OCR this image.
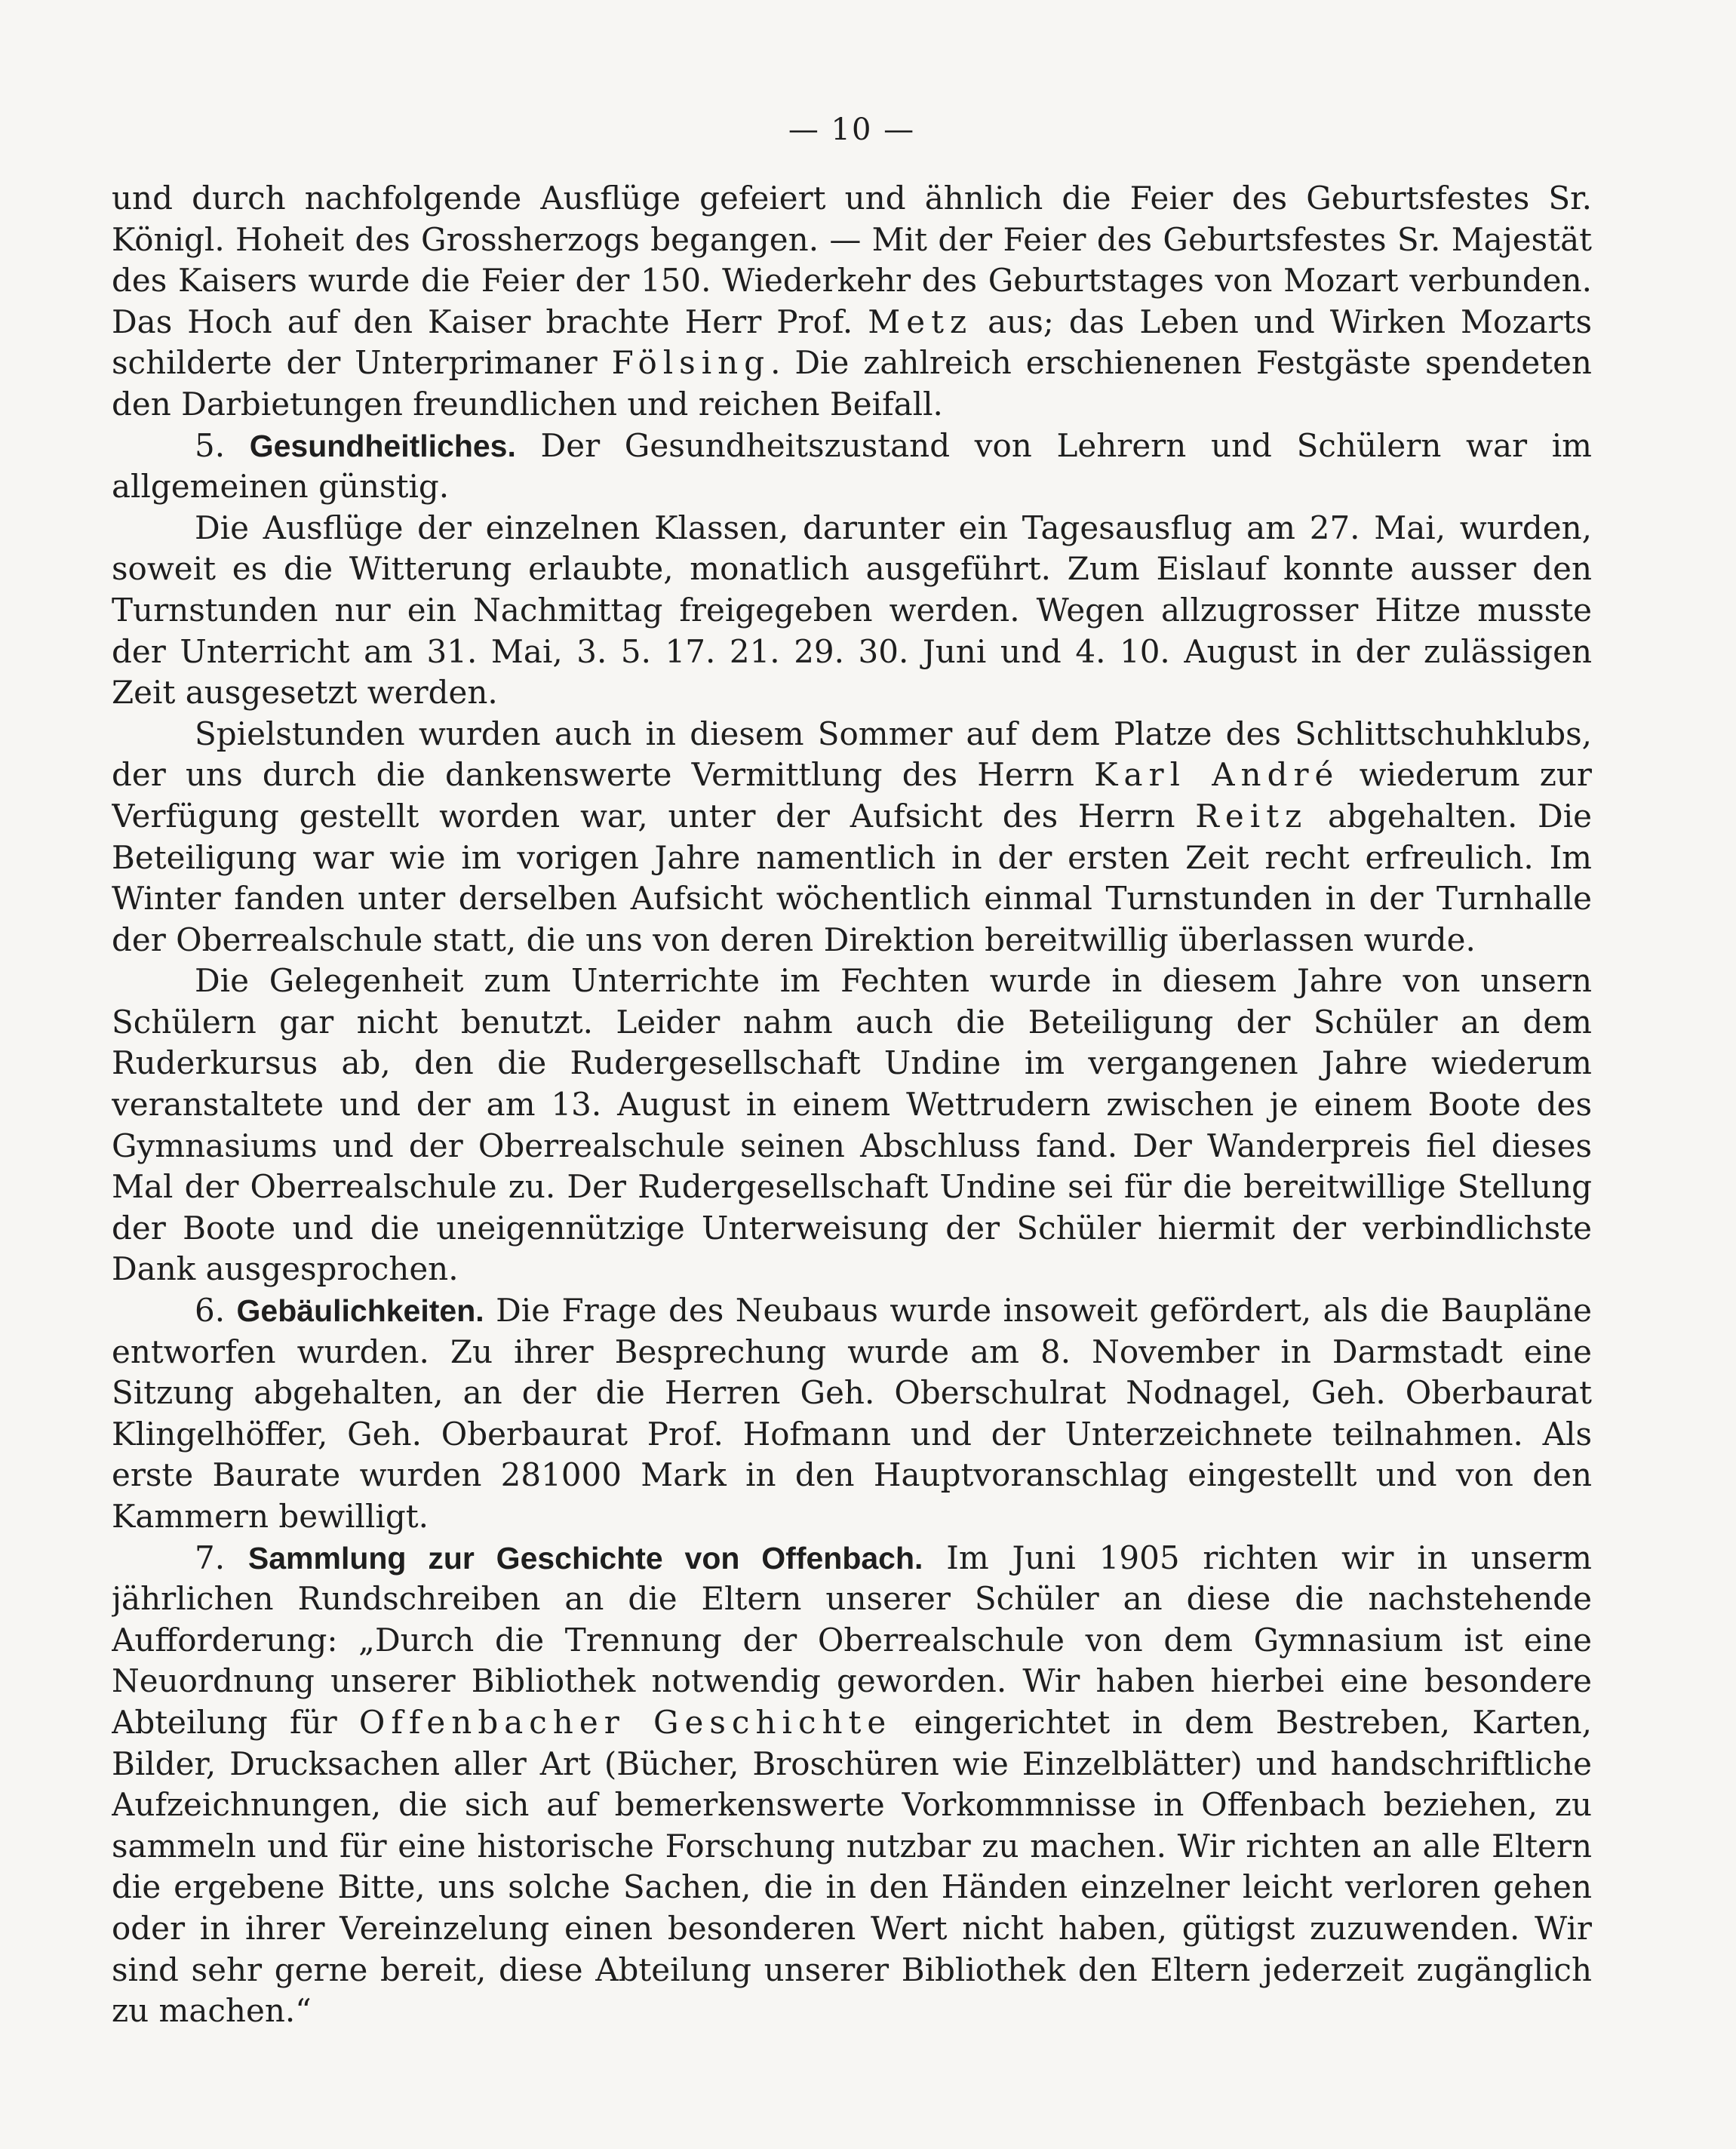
— 10 —

und durch nachfolgende Ausflüge gefeiert und ähnlich die Feier des Geburtsfestes Sr. Königl. Hoheit des Grossherzogs begangen. — Mit der Feier des Geburtsfestes Sr. Majestät des Kaisers wurde die Feier der 150. Wiederkehr des Geburtstages von Mozart verbunden. Das Hoch auf den Kaiser brachte Herr Prof. Metz aus; das Leben und Wirken Mozarts schilderte der Unterprimaner Fölsing. Die zahlreich erschienenen Festgäste spendeten den Darbietungen freundlichen und reichen Beifall.

5. Gesundheitliches. Der Gesundheitszustand von Lehrern und Schülern war im allgemeinen günstig.

Die Ausflüge der einzelnen Klassen, darunter ein Tagesausflug am 27. Mai, wurden, soweit es die Witterung erlaubte, monatlich ausgeführt. Zum Eislauf konnte ausser den Turnstunden nur ein Nachmittag freigegeben werden. Wegen allzugrosser Hitze musste der Unterricht am 31. Mai, 3. 5. 17. 21. 29. 30. Juni und 4. 10. August in der zulässigen Zeit ausgesetzt werden.

Spielstunden wurden auch in diesem Sommer auf dem Platze des Schlittschuhklubs, der uns durch die dankenswerte Vermittlung des Herrn Karl André wiederum zur Verfügung gestellt worden war, unter der Aufsicht des Herrn Reitz abgehalten. Die Beteiligung war wie im vorigen Jahre namentlich in der ersten Zeit recht erfreulich. Im Winter fanden unter derselben Aufsicht wöchentlich einmal Turnstunden in der Turnhalle der Oberrealschule statt, die uns von deren Direktion bereitwillig überlassen wurde.

Die Gelegenheit zum Unterrichte im Fechten wurde in diesem Jahre von unsern Schülern gar nicht benutzt. Leider nahm auch die Beteiligung der Schüler an dem Ruderkursus ab, den die Rudergesellschaft Undine im vergangenen Jahre wiederum veranstaltete und der am 13. August in einem Wettrudern zwischen je einem Boote des Gymnasiums und der Oberrealschule seinen Abschluss fand. Der Wanderpreis fiel dieses Mal der Oberrealschule zu. Der Rudergesellschaft Undine sei für die bereitwillige Stellung der Boote und die uneigennützige Unterweisung der Schüler hiermit der verbindlichste Dank ausgesprochen.

6. Gebäulichkeiten. Die Frage des Neubaus wurde insoweit gefördert, als die Baupläne entworfen wurden. Zu ihrer Besprechung wurde am 8. November in Darmstadt eine Sitzung abgehalten, an der die Herren Geh. Oberschulrat Nodnagel, Geh. Oberbaurat Klingelhöffer, Geh. Oberbaurat Prof. Hofmann und der Unterzeichnete teilnahmen. Als erste Baurate wurden 281000 Mark in den Hauptvoranschlag eingestellt und von den Kammern bewilligt.

7. Sammlung zur Geschichte von Offenbach. Im Juni 1905 richten wir in unserm jährlichen Rundschreiben an die Eltern unserer Schüler an diese die nachstehende Aufforderung: „Durch die Trennung der Oberrealschule von dem Gymnasium ist eine Neuordnung unserer Bibliothek notwendig geworden. Wir haben hierbei eine besondere Abteilung für Offenbacher Geschichte eingerichtet in dem Bestreben, Karten, Bilder, Drucksachen aller Art (Bücher, Broschüren wie Einzelblätter) und handschriftliche Aufzeichnungen, die sich auf bemerkenswerte Vorkommnisse in Offenbach beziehen, zu sammeln und für eine historische Forschung nutzbar zu machen. Wir richten an alle Eltern die ergebene Bitte, uns solche Sachen, die in den Händen einzelner leicht verloren gehen oder in ihrer Vereinzelung einen besonderen Wert nicht haben, gütigst zuzuwenden. Wir sind sehr gerne bereit, diese Abteilung unserer Bibliothek den Eltern jederzeit zugänglich zu machen.“
